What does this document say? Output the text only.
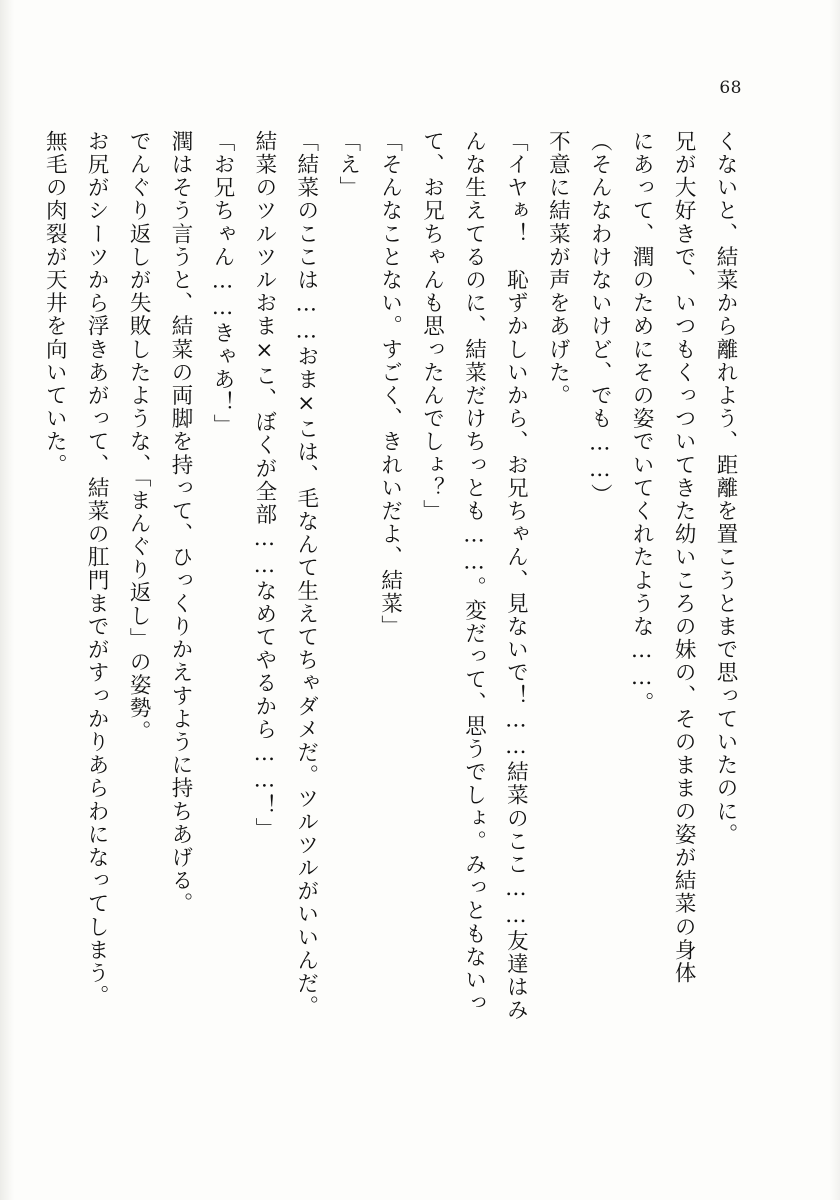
68

くないと、結菜から離れよう、距離を置こうとまで思っていたのに。

兄が大好きで、いつもくっついてきた幼いころの妹の、そのままの姿が結菜の身体

にあって、潤のためにその姿でいてくれたような……。

（そんなわけないけど、でも……）

不意に結菜が声をあげた。

「イヤぁ！　恥ずかしいから、お兄ちゃん、見ないで！……結菜のここ……友達はみ

んな生えてるのに、結菜だけちっとも……。変だって、思うでしょ。みっともないっ

て、お兄ちゃんも思ったんでしょ？」

「そんなことない。すごく、きれいだよ、結菜」

「え」

「結菜のここは……おま×こは、毛なんて生えてちゃダメだ。ツルツルがいいんだ。

結菜のツルツルおま×こ、ぼくが全部……なめてやるから……！」

「お兄ちゃん……きゃあ！」

潤はそう言うと、結菜の両脚を持って、ひっくりかえすように持ちあげる。

でんぐり返しが失敗したような、「まんぐり返し」の姿勢。

お尻がシーツから浮きあがって、結菜の肛門までがすっかりあらわになってしまう。

無毛の肉裂が天井を向いていた。
